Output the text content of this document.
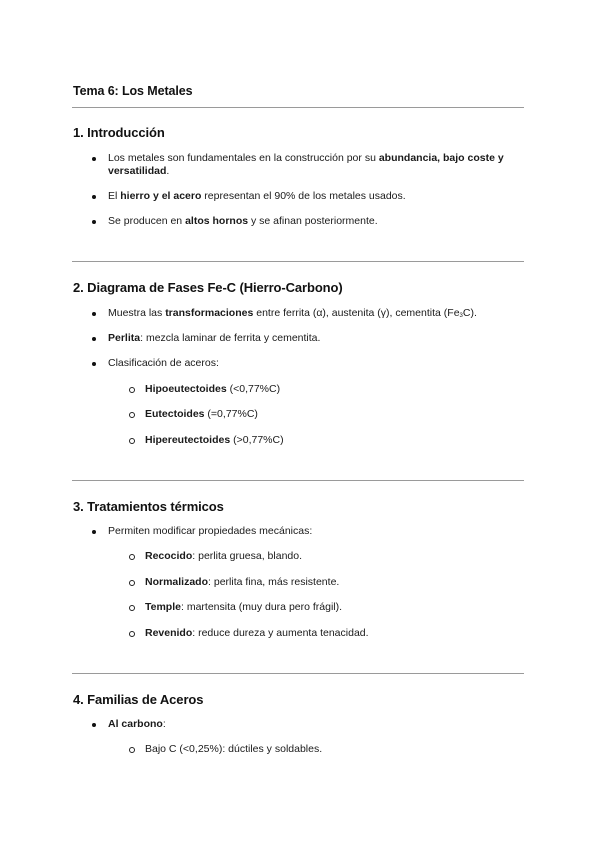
Tema 6: Los Metales
1. Introducción
Los metales son fundamentales en la construcción por su abundancia, bajo coste y versatilidad.
El hierro y el acero representan el 90% de los metales usados.
Se producen en altos hornos y se afinan posteriormente.
2. Diagrama de Fases Fe-C (Hierro-Carbono)
Muestra las transformaciones entre ferrita (α), austenita (γ), cementita $(Fe_3C)$.
Perlita: mezcla laminar de ferrita y cementita.
Clasificación de aceros:
Hipoeutectoides (<0,77%C)
Eutectoides (=0,77%C)
Hipereutectoides (>0,77%C)
3. Tratamientos térmicos
Permiten modificar propiedades mecánicas:
Recocido: perlita gruesa, blando.
Normalizado: perlita fina, más resistente.
Temple: martensita (muy dura pero frágil).
Revenido: reduce dureza y aumenta tenacidad.
4. Familias de Aceros
Al carbono:
Bajo C (<0,25%): dúctiles y soldables.
